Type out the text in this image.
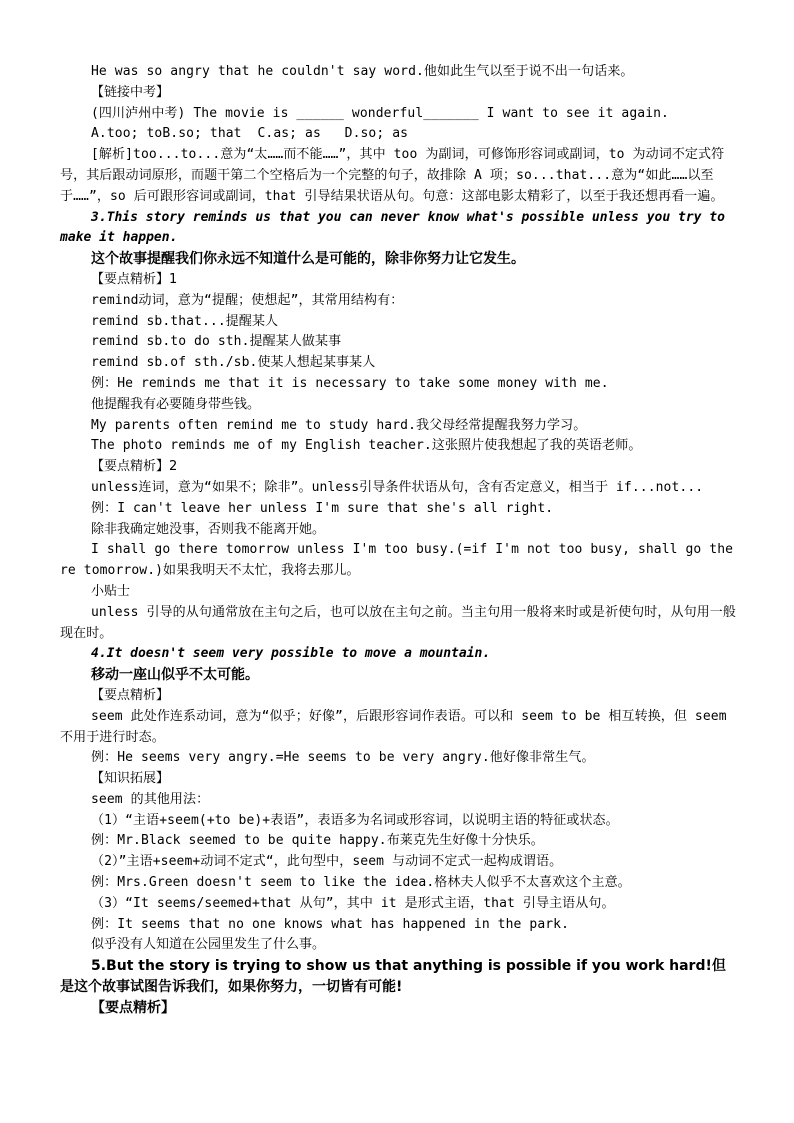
He was so angry that he couldn't say word.他如此生气以至于说不出一句话来。
【链接中考】
(四川泸州中考) The movie is ______ wonderful_______ I want to see it again.
A.too; toB.so; that  C.as; as   D.so; as
[解析]too...to...意为“太……而不能……”，其中 too 为副词，可修饰形容词或副词，to 为动词不定式符号，其后跟动词原形，而题干第二个空格后为一个完整的句子，故排除 A 项；so...that...意为“如此……以至于……”，so 后可跟形容词或副词，that 引导结果状语从句。句意：这部电影太精彩了，以至于我还想再看一遍。
3.This story reminds us that you can never know what's possible unless you try to make it happen.
这个故事提醒我们你永远不知道什么是可能的，除非你努力让它发生。
【要点精析】1
remind动词，意为“提醒；使想起”，其常用结构有：
remind sb.that...提醒某人
remind sb.to do sth.提醒某人做某事
remind sb.of sth./sb.使某人想起某事某人
例：He reminds me that it is necessary to take some money with me.
他提醒我有必要随身带些钱。
My parents often remind me to study hard.我父母经常提醒我努力学习。
The photo reminds me of my English teacher.这张照片使我想起了我的英语老师。
【要点精析】2
unless连词，意为“如果不；除非”。unless引导条件状语从句，含有否定意义，相当于 if...not...
例：I can't leave her unless I'm sure that she's all right.
除非我确定她没事，否则我不能离开她。
I shall go there tomorrow unless I'm too busy.(=if I'm not too busy, shall go there tomorrow.)如果我明天不太忙，我将去那儿。
小贴士
unless 引导的从句通常放在主句之后，也可以放在主句之前。当主句用一般将来时或是祈使句时，从句用一般现在时。
4.It doesn't seem very possible to move a mountain.
移动一座山似乎不太可能。
【要点精析】
seem 此处作连系动词，意为“似乎；好像”，后跟形容词作表语。可以和 seem to be 相互转换，但 seem 不用于进行时态。
例：He seems very angry.=He seems to be very angry.他好像非常生气。
【知识拓展】
seem 的其他用法：
（1）“主语+seem(+to be)+表语”，表语多为名词或形容词，以说明主语的特征或状态。
例：Mr.Black seemed to be quite happy.布莱克先生好像十分快乐。
（2）”主语+seem+动词不定式“，此句型中，seem 与动词不定式一起构成谓语。
例：Mrs.Green doesn't seem to like the idea.格林夫人似乎不太喜欢这个主意。
（3）“It seems/seemed+that 从句”，其中 it 是形式主语，that 引导主语从句。
例：It seems that no one knows what has happened in the park.
似乎没有人知道在公园里发生了什么事。
5.But the story is trying to show us that anything is possible if you work hard!但是这个故事试图告诉我们，如果你努力，一切皆有可能!
【要点精析】
